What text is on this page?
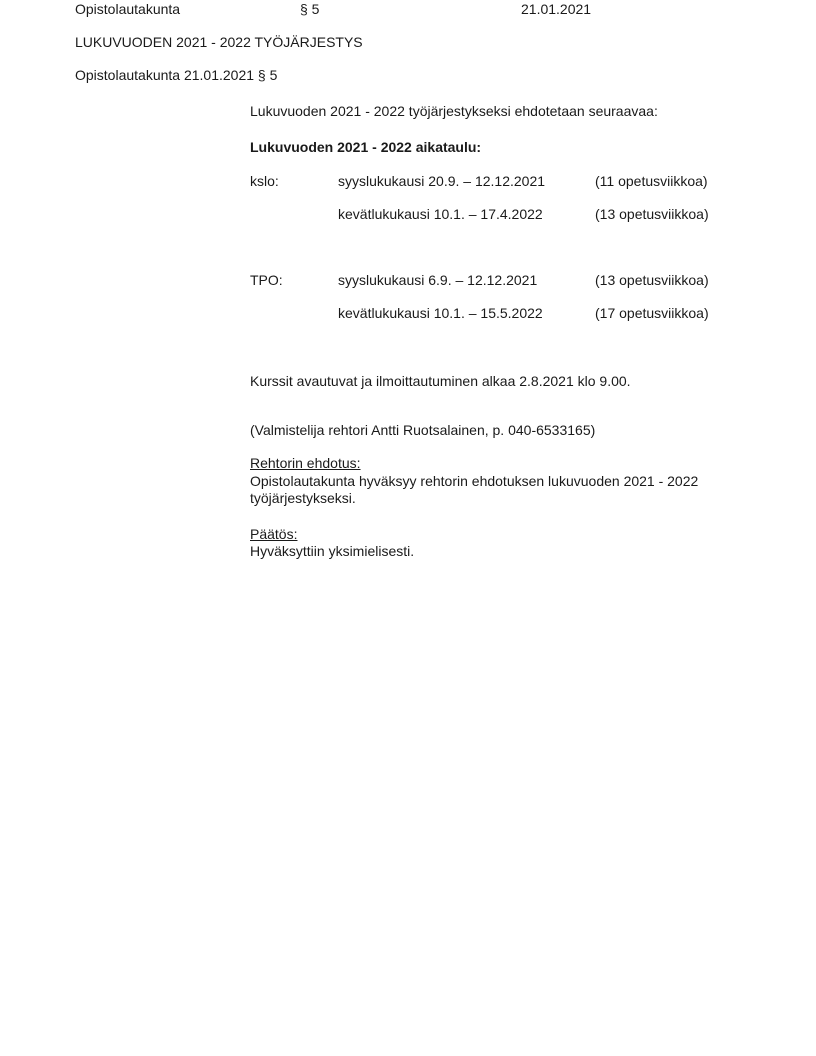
Opistolautakunta	§ 5	21.01.2021
LUKUVUODEN 2021 - 2022 TYÖJÄRJESTYS
Opistolautakunta 21.01.2021 § 5
Lukuvuoden 2021 - 2022 työjärjestykseksi ehdotetaan seuraavaa:
Lukuvuoden 2021 - 2022 aikataulu:
kslo:	syyslukukausi 20.9. – 12.12.2021	(11 opetusviikkoa)
kevätlukukausi 10.1. – 17.4.2022	(13 opetusviikkoa)
TPO:	syyslukukausi 6.9. – 12.12.2021	(13 opetusviikkoa)
kevätlukukausi 10.1. – 15.5.2022	(17 opetusviikkoa)
Kurssit avautuvat ja ilmoittautuminen alkaa 2.8.2021 klo 9.00.
(Valmistelija rehtori Antti Ruotsalainen, p. 040-6533165)
Rehtorin ehdotus:
Opistolautakunta hyväksyy rehtorin ehdotuksen lukuvuoden 2021 - 2022 työjärjestykseksi.
Päätös:
Hyväksyttiin yksimielisesti.
